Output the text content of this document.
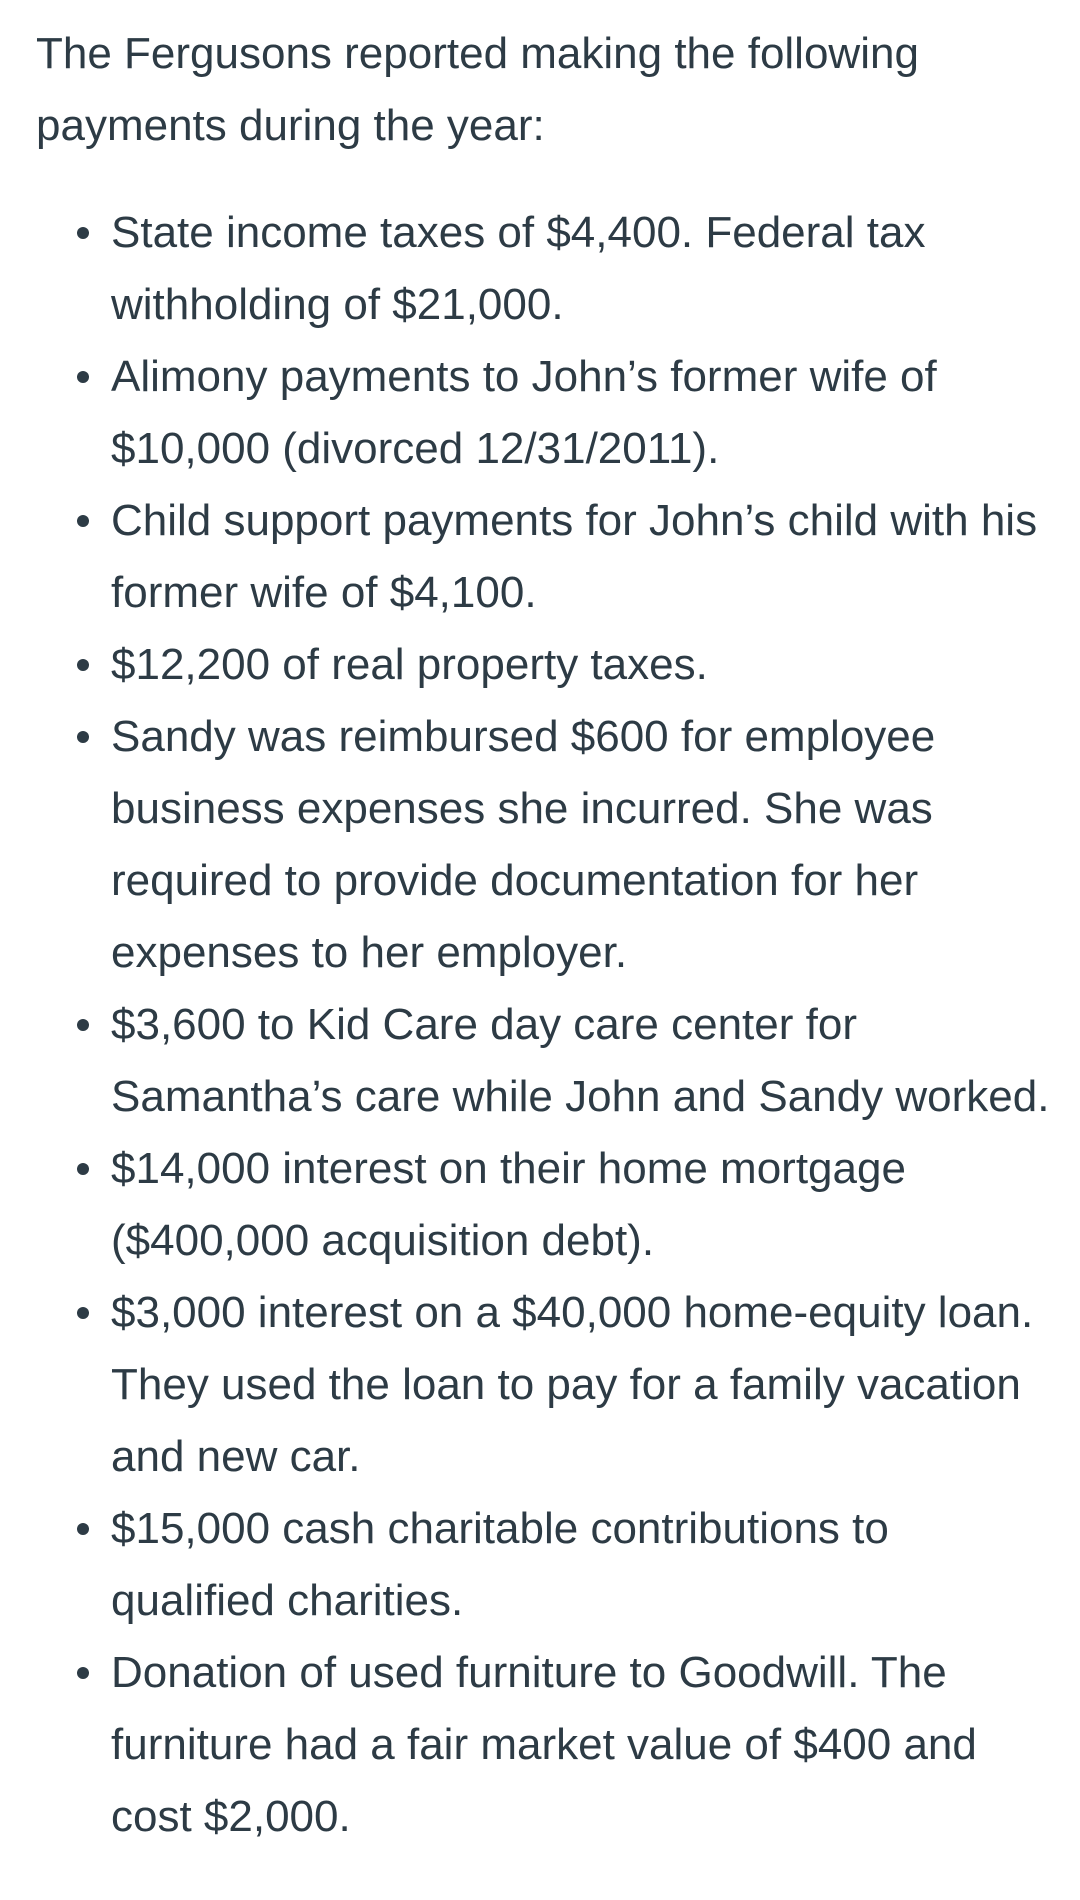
The Fergusons reported making the following payments during the year:

State income taxes of $4,400. Federal tax withholding of $21,000.
Alimony payments to John’s former wife of $10,000 (divorced 12/31/2011).
Child support payments for John’s child with his former wife of $4,100.
$12,200 of real property taxes.
Sandy was reimbursed $600 for employee business expenses she incurred. She was required to provide documentation for her expenses to her employer.
$3,600 to Kid Care day care center for Samantha’s care while John and Sandy worked.
$14,000 interest on their home mortgage ($400,000 acquisition debt).
$3,000 interest on a $40,000 home-equity loan. They used the loan to pay for a family vacation and new car.
$15,000 cash charitable contributions to qualified charities.
Donation of used furniture to Goodwill. The furniture had a fair market value of $400 and cost $2,000.
